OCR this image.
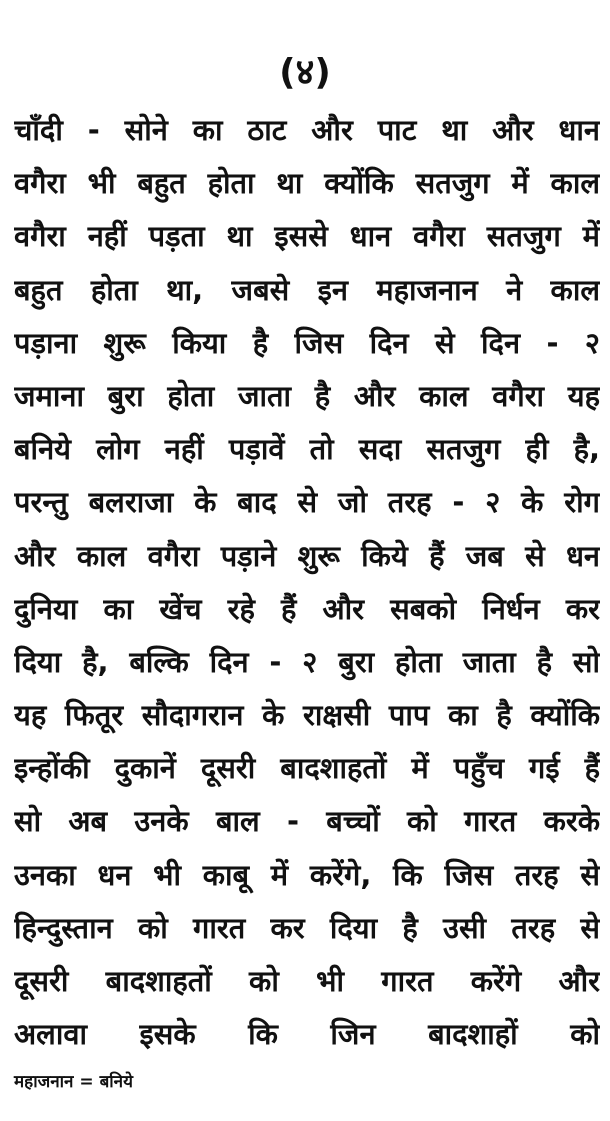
(४)
चाँदी - सोने का ठाट और पाट था और धान
वगैरा भी बहुत होता था क्योंकि सतजुग में काल
वगैरा नहीं पड़ता था इससे धान वगैरा सतजुग में
बहुत होता था, जबसे इन महाजनान ने काल
पड़ाना शुरू किया है जिस दिन से दिन - २
जमाना बुरा होता जाता है और काल वगैरा यह
बनिये लोग नहीं पड़ावें तो सदा सतजुग ही है,
परन्तु बलराजा के बाद से जो तरह - २ के रोग
और काल वगैरा पड़ाने शुरू किये हैं जब से धन
दुनिया का खेंच रहे हैं और सबको निर्धन कर
दिया है, बल्कि दिन - २ बुरा होता जाता है सो
यह फितूर सौदागरान के राक्षसी पाप का है क्योंकि
इन्होंकी दुकानें दूसरी बादशाहतों में पहुँच गई हैं
सो अब उनके बाल - बच्चों को गारत करके
उनका धन भी काबू में करेंगे, कि जिस तरह से
हिन्दुस्तान को गारत कर दिया है उसी तरह से
दूसरी बादशाहतों को भी गारत करेंगे और
अलावा इसके कि जिन बादशाहों को
महाजनान = बनिये
